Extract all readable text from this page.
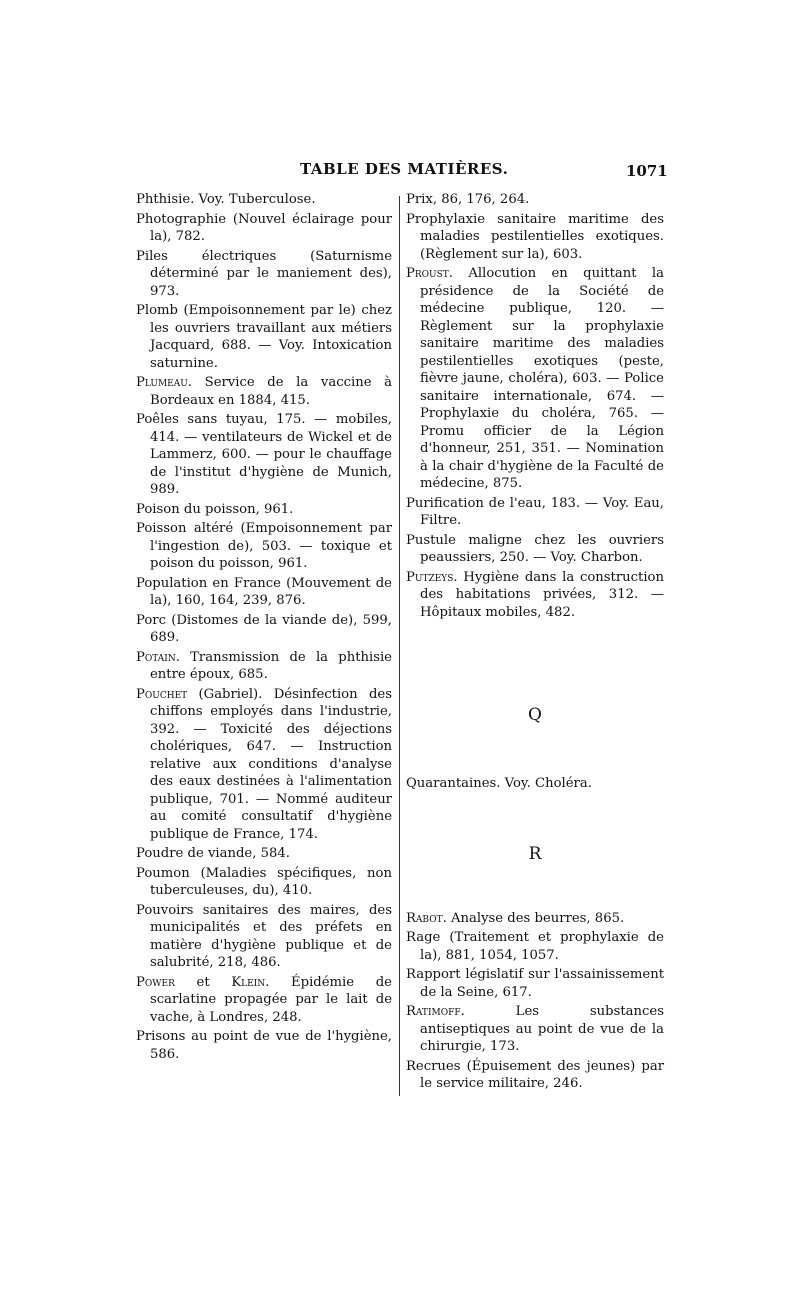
TABLE DES MATIÈRES.	1071

Phthisie. Voy. Tuberculose.

Photographie (Nouvel éclairage pour la), 782.

Piles électriques (Saturnisme déterminé par le maniement des), 973.

Plomb (Empoisonnement par le) chez les ouvriers travaillant aux métiers Jacquard, 688. — Voy. Intoxication saturnine.

Plumeau. Service de la vaccine à Bordeaux en 1884, 415.

Poêles sans tuyau, 175. — mobiles, 414. — ventilateurs de Wickel et de Lammerz, 600. — pour le chauffage de l'institut d'hygiène de Munich, 989.

Poison du poisson, 961.

Poisson altéré (Empoisonnement par l'ingestion de), 503. — toxique et poison du poisson, 961.

Population en France (Mouvement de la), 160, 164, 239, 876.

Porc (Distomes de la viande de), 599, 689.

Potain. Transmission de la phthisie entre époux, 685.

Pouchet (Gabriel). Désinfection des chiffons employés dans l'industrie, 392. — Toxicité des déjections cholériques, 647. — Instruction relative aux conditions d'analyse des eaux destinées à l'alimentation publique, 701. — Nommé auditeur au comité consultatif d'hygiène publique de France, 174.

Poudre de viande, 584.

Poumon (Maladies spécifiques, non tuberculeuses, du), 410.

Pouvoirs sanitaires des maires, des municipalités et des préfets en matière d'hygiène publique et de salubrité, 218, 486.

Power et Klein. Épidémie de scarlatine propagée par le lait de vache, à Londres, 248.

Prisons au point de vue de l'hygiène, 586.

Prix, 86, 176, 264.

Prophylaxie sanitaire maritime des maladies pestilentielles exotiques. (Règlement sur la), 603.

Proust. Allocution en quittant la présidence de la Société de médecine publique, 120. — Règlement sur la prophylaxie sanitaire maritime des maladies pestilentielles exotiques (peste, fièvre jaune, choléra), 603. — Police sanitaire internationale, 674. — Prophylaxie du choléra, 765. — Promu officier de la Légion d'honneur, 251, 351. — Nomination à la chair d'hygiène de la Faculté de médecine, 875.

Purification de l'eau, 183. — Voy. Eau, Filtre.

Pustule maligne chez les ouvriers peaussiers, 250. — Voy. Charbon.

Putzeys. Hygiène dans la construction des habitations privées, 312. — Hôpitaux mobiles, 482.

Q

Quarantaines. Voy. Choléra.

R

Rabot. Analyse des beurres, 865.

Rage (Traitement et prophylaxie de la), 881, 1054, 1057.

Rapport législatif sur l'assainissement de la Seine, 617.

Ratimoff. Les substances antiseptiques au point de vue de la chirurgie, 173.

Recrues (Épuisement des jeunes) par le service militaire, 246.
